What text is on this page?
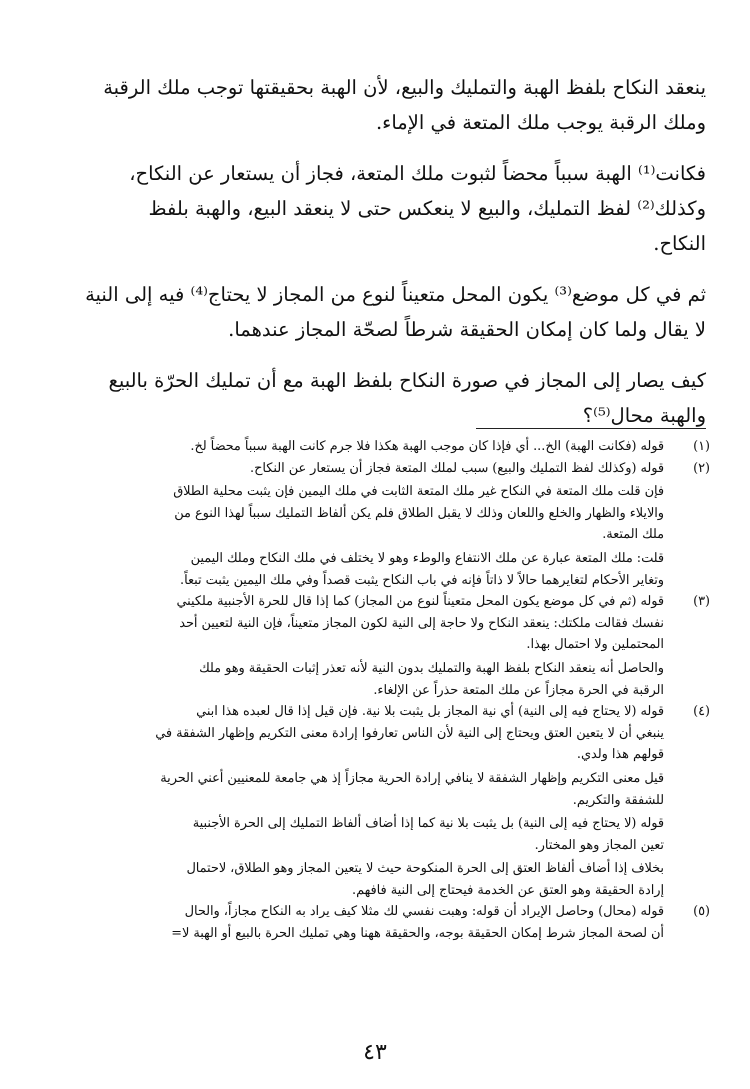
ينعقد النكاح بلفظ الهبة والتمليك والبيع، لأن الهبة بحقيقتها توجب ملك الرقبة
وملك الرقبة يوجب ملك المتعة في الإماء.

فكانت⁽¹⁾ الهبة سبباً محضاً لثبوت ملك المتعة، فجاز أن يستعار عن النكاح،
وكذلك⁽²⁾ لفظ التمليك، والبيع لا ينعكس حتى لا ينعقد البيع، والهبة بلفظ
النكاح.

ثم في كل موضع⁽³⁾ يكون المحل متعيناً لنوع من المجاز لا يحتاج⁽⁴⁾ فيه إلى النية
لا يقال ولما كان إمكان الحقيقة شرطاً لصحّة المجاز عندهما.

كيف يصار إلى المجاز في صورة النكاح بلفظ الهبة مع أن تمليك الحرّة بالبيع
والهبة محال⁽⁵⁾؟

(١)
قوله (فكانت الهبة) الخ... أي فإذا كان موجب الهبة هكذا فلا جرم كانت الهبة سبباً محضاً لخ.
(٢)
قوله (وكذلك لفظ التمليك والبيع) سبب لملك المتعة فجاز أن يستعار عن النكاح.
فإن قلت ملك المتعة في النكاح غير ملك المتعة الثابت في ملك اليمين فإن يثبت محلية الطلاق
والايلاء والظهار والخلع واللعان وذلك لا يقبل الطلاق فلم يكن ألفاظ التمليك سبباً لهذا النوع من
ملك المتعة.
قلت: ملك المتعة عبارة عن ملك الانتفاع والوطء وهو لا يختلف في ملك النكاح وملك اليمين
وتغاير الأحكام لتغايرهما حالاً لا ذاتاً فإنه في باب النكاح يثبت قصداً وفي ملك اليمين يثبت تبعاً.
(٣)
قوله (ثم في كل موضع يكون المحل متعيناً لنوع من المجاز) كما إذا قال للحرة الأجنبية ملكيني
نفسك فقالت ملكتك: ينعقد النكاح ولا حاجة إلى النية لكون المجاز متعيناً، فإن النية لتعيين أحد
المحتملين ولا احتمال بهذا.
والحاصل أنه ينعقد النكاح بلفظ الهبة والتمليك بدون النية لأنه تعذر إثبات الحقيقة وهو ملك
الرقبة في الحرة مجازاً عن ملك المتعة حذراً عن الإلغاء.
(٤)
قوله (لا يحتاج فيه إلى النية) أي نية المجاز بل يثبت بلا نية. فإن قيل إذا قال لعبده هذا ابني
ينبغي أن لا يتعين العتق ويحتاج إلى النية لأن الناس تعارفوا إرادة معنى التكريم وإظهار الشفقة في
قولهم هذا ولدي.
قيل معنى التكريم وإظهار الشفقة لا ينافي إرادة الحرية مجازاً إذ هي جامعة للمعنيين أعني الحرية
للشفقة والتكريم.
قوله (لا يحتاج فيه إلى النية) بل يثبت بلا نية كما إذا أضاف ألفاظ التمليك إلى الحرة الأجنبية
تعين المجاز وهو المختار.
بخلاف إذا أضاف ألفاظ العتق إلى الحرة المنكوحة حيث لا يتعين المجاز وهو الطلاق، لاحتمال
إرادة الحقيقة وهو العتق عن الخدمة فيحتاج إلى النية فافهم.
(٥)
قوله (محال) وحاصل الإيراد أن قوله: وهبت نفسي لك مثلا كيف يراد به النكاح مجازاً، والحال
أن لصحة المجاز شرط إمكان الحقيقة بوجه، والحقيقة ههنا وهي تمليك الحرة بالبيع أو الهبة لا=
٤٣
